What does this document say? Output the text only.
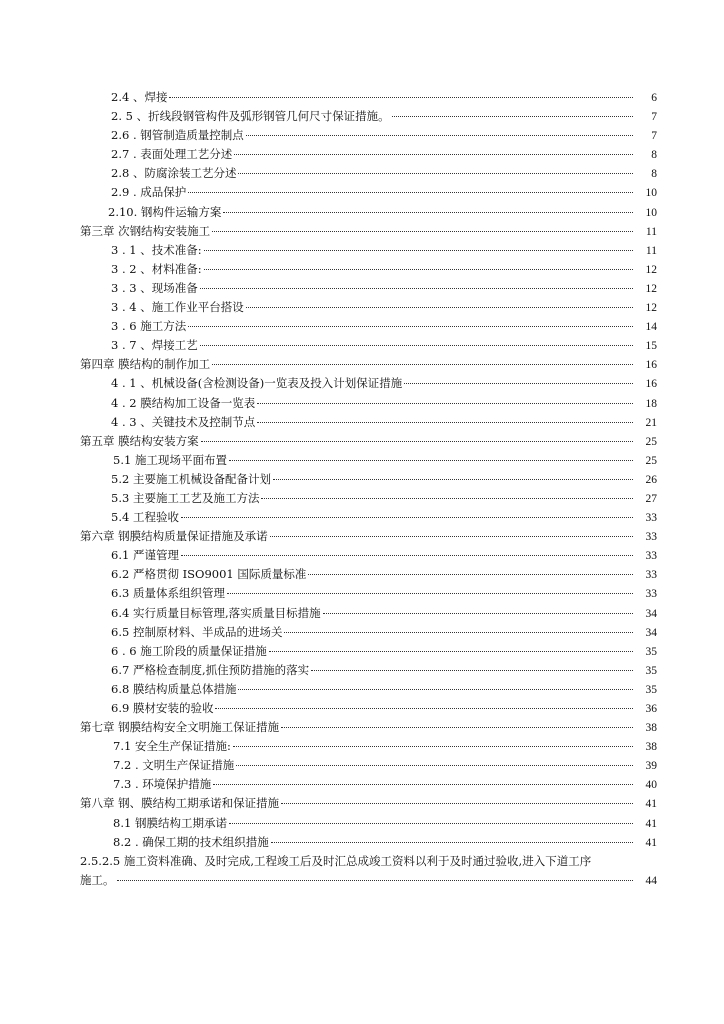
2.4 、焊接	6
2. 5 、折线段钢管构件及弧形钢管几何尺寸保证措施。	7
2.6 . 钢管制造质量控制点	7
2.7 . 表面处理工艺分述	8
2.8 、防腐涂装工艺分述	8
2.9 . 成品保护	10
2.10. 钢构件运输方案	10
第三章 次钢结构安装施工	11
3 . 1 、技术准备:	11
3 . 2 、材料准备:	12
3 . 3 、现场准备	12
3 . 4 、施工作业平台搭设	12
3 . 6 施工方法	14
3 . 7 、焊接工艺	15
第四章 膜结构的制作加工	16
4 . 1 、机械设备(含检测设备)一览表及投入计划保证措施	16
4 . 2 膜结构加工设备一览表	18
4 . 3 、关键技术及控制节点	21
第五章 膜结构安装方案	25
5.1 施工现场平面布置	25
5.2 主要施工机械设备配备计划	26
5.3 主要施工工艺及施工方法	27
5.4 工程验收	33
第六章 钢膜结构质量保证措施及承诺	33
6.1 严谨管理	33
6.2 严格贯彻 ISO9001 国际质量标准	33
6.3 质量体系组织管理	33
6.4 实行质量目标管理,落实质量目标措施	34
6.5 控制原材料、半成品的进场关	34
6 . 6 施工阶段的质量保证措施	35
6.7 严格检查制度,抓住预防措施的落实	35
6.8 膜结构质量总体措施	35
6.9 膜材安装的验收	36
第七章 钢膜结构安全文明施工保证措施	38
7.1 安全生产保证措施:	38
7.2 . 文明生产保证措施	39
7.3 . 环境保护措施	40
第八章 钢、膜结构工期承诺和保证措施	41
8.1 钢膜结构工期承诺	41
8.2 . 确保工期的技术组织措施	41
2.5.2.5 施工资料准确、及时完成,工程竣工后及时汇总成竣工资料以利于及时通过验收,进入下道工序
施工。	44
